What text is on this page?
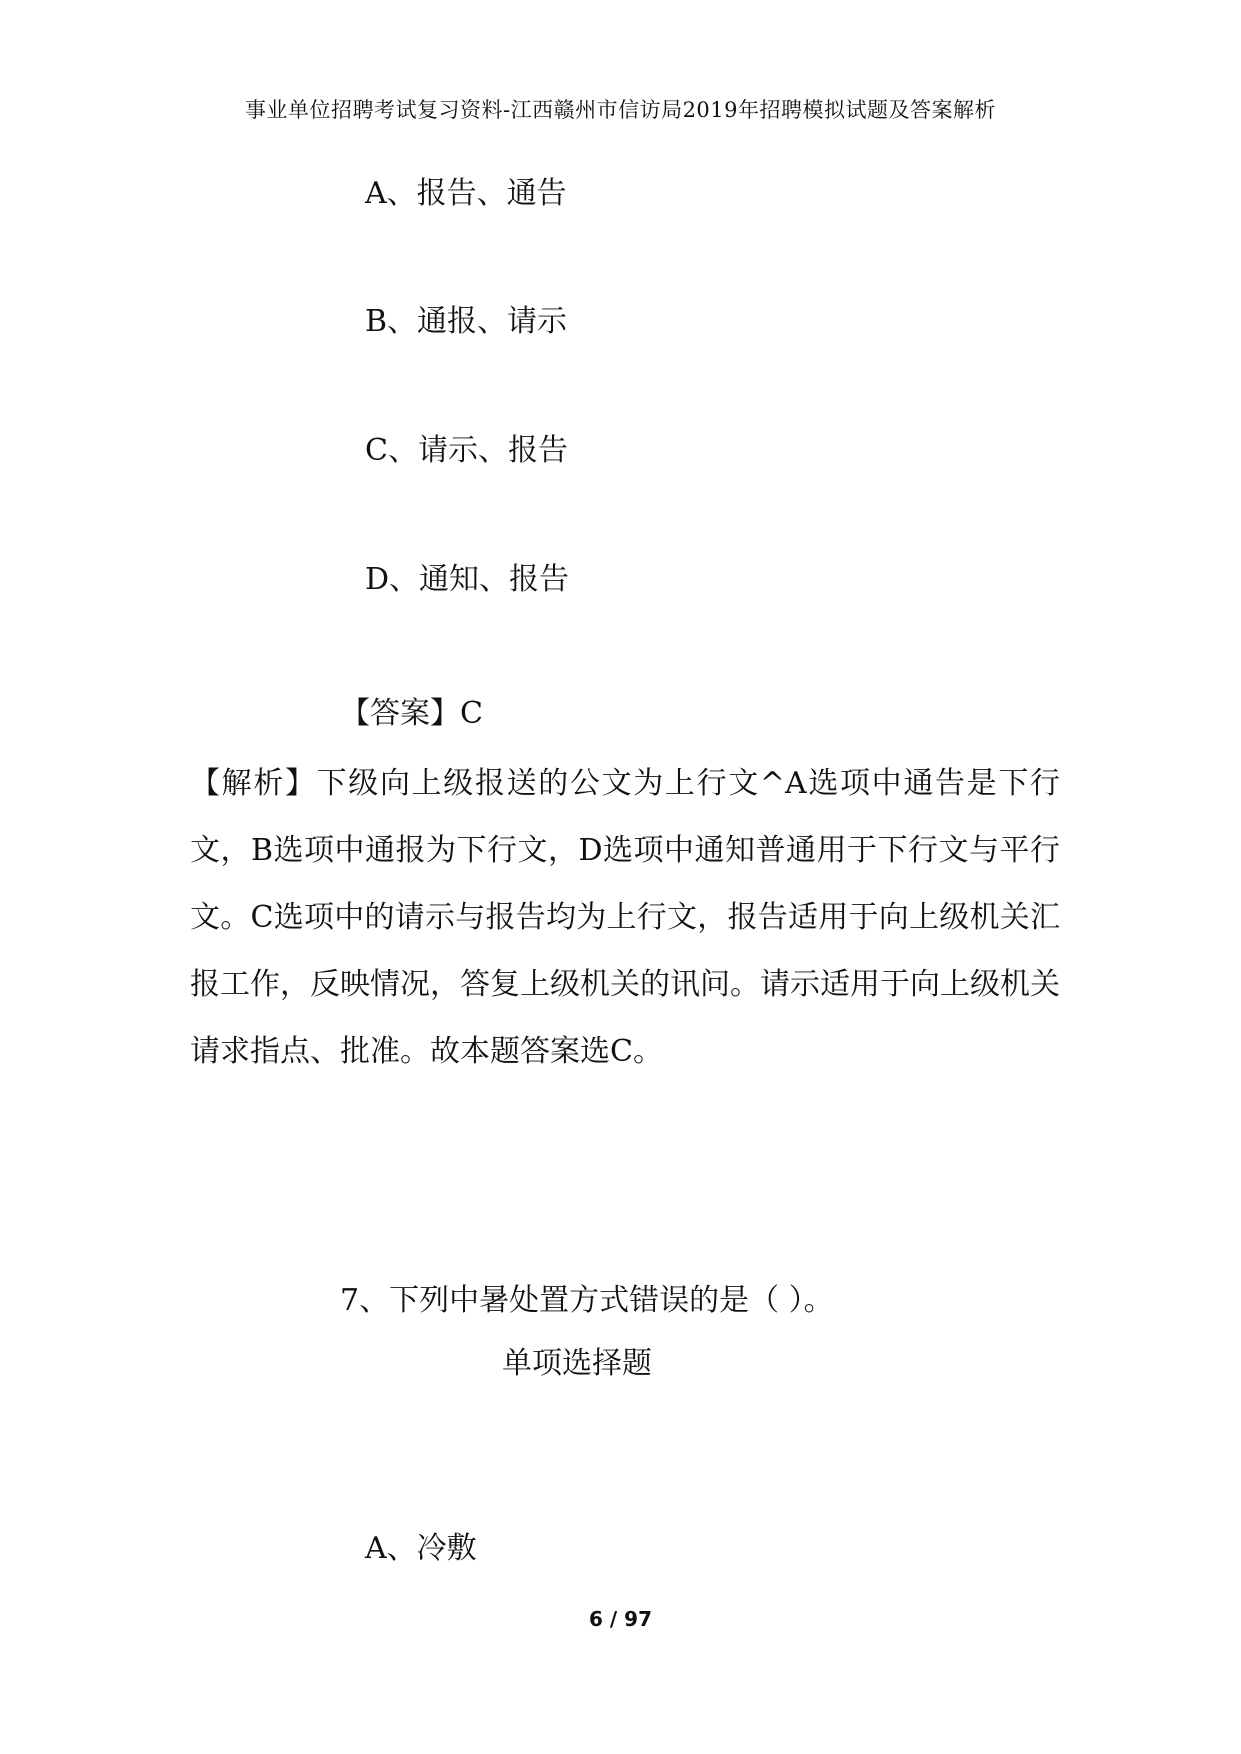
事业单位招聘考试复习资料-江西赣州市信访局2019年招聘模拟试题及答案解析
A、报告、通告
B、通报、请示
C、请示、报告
D、通知、报告
【答案】C
【解析】下级向上级报送的公文为上行文^A选项中通告是下行文，B选项中通报为下行文，D选项中通知普通用于下行文与平行文。C选项中的请示与报告均为上行文，报告适用于向上级机关汇报工作，反映情况，答复上级机关的讯问。请示适用于向上级机关请求指点、批准。故本题答案选C。
7、下列中暑处置方式错误的是（ ）。
单项选择题
A、冷敷
6 / 97
